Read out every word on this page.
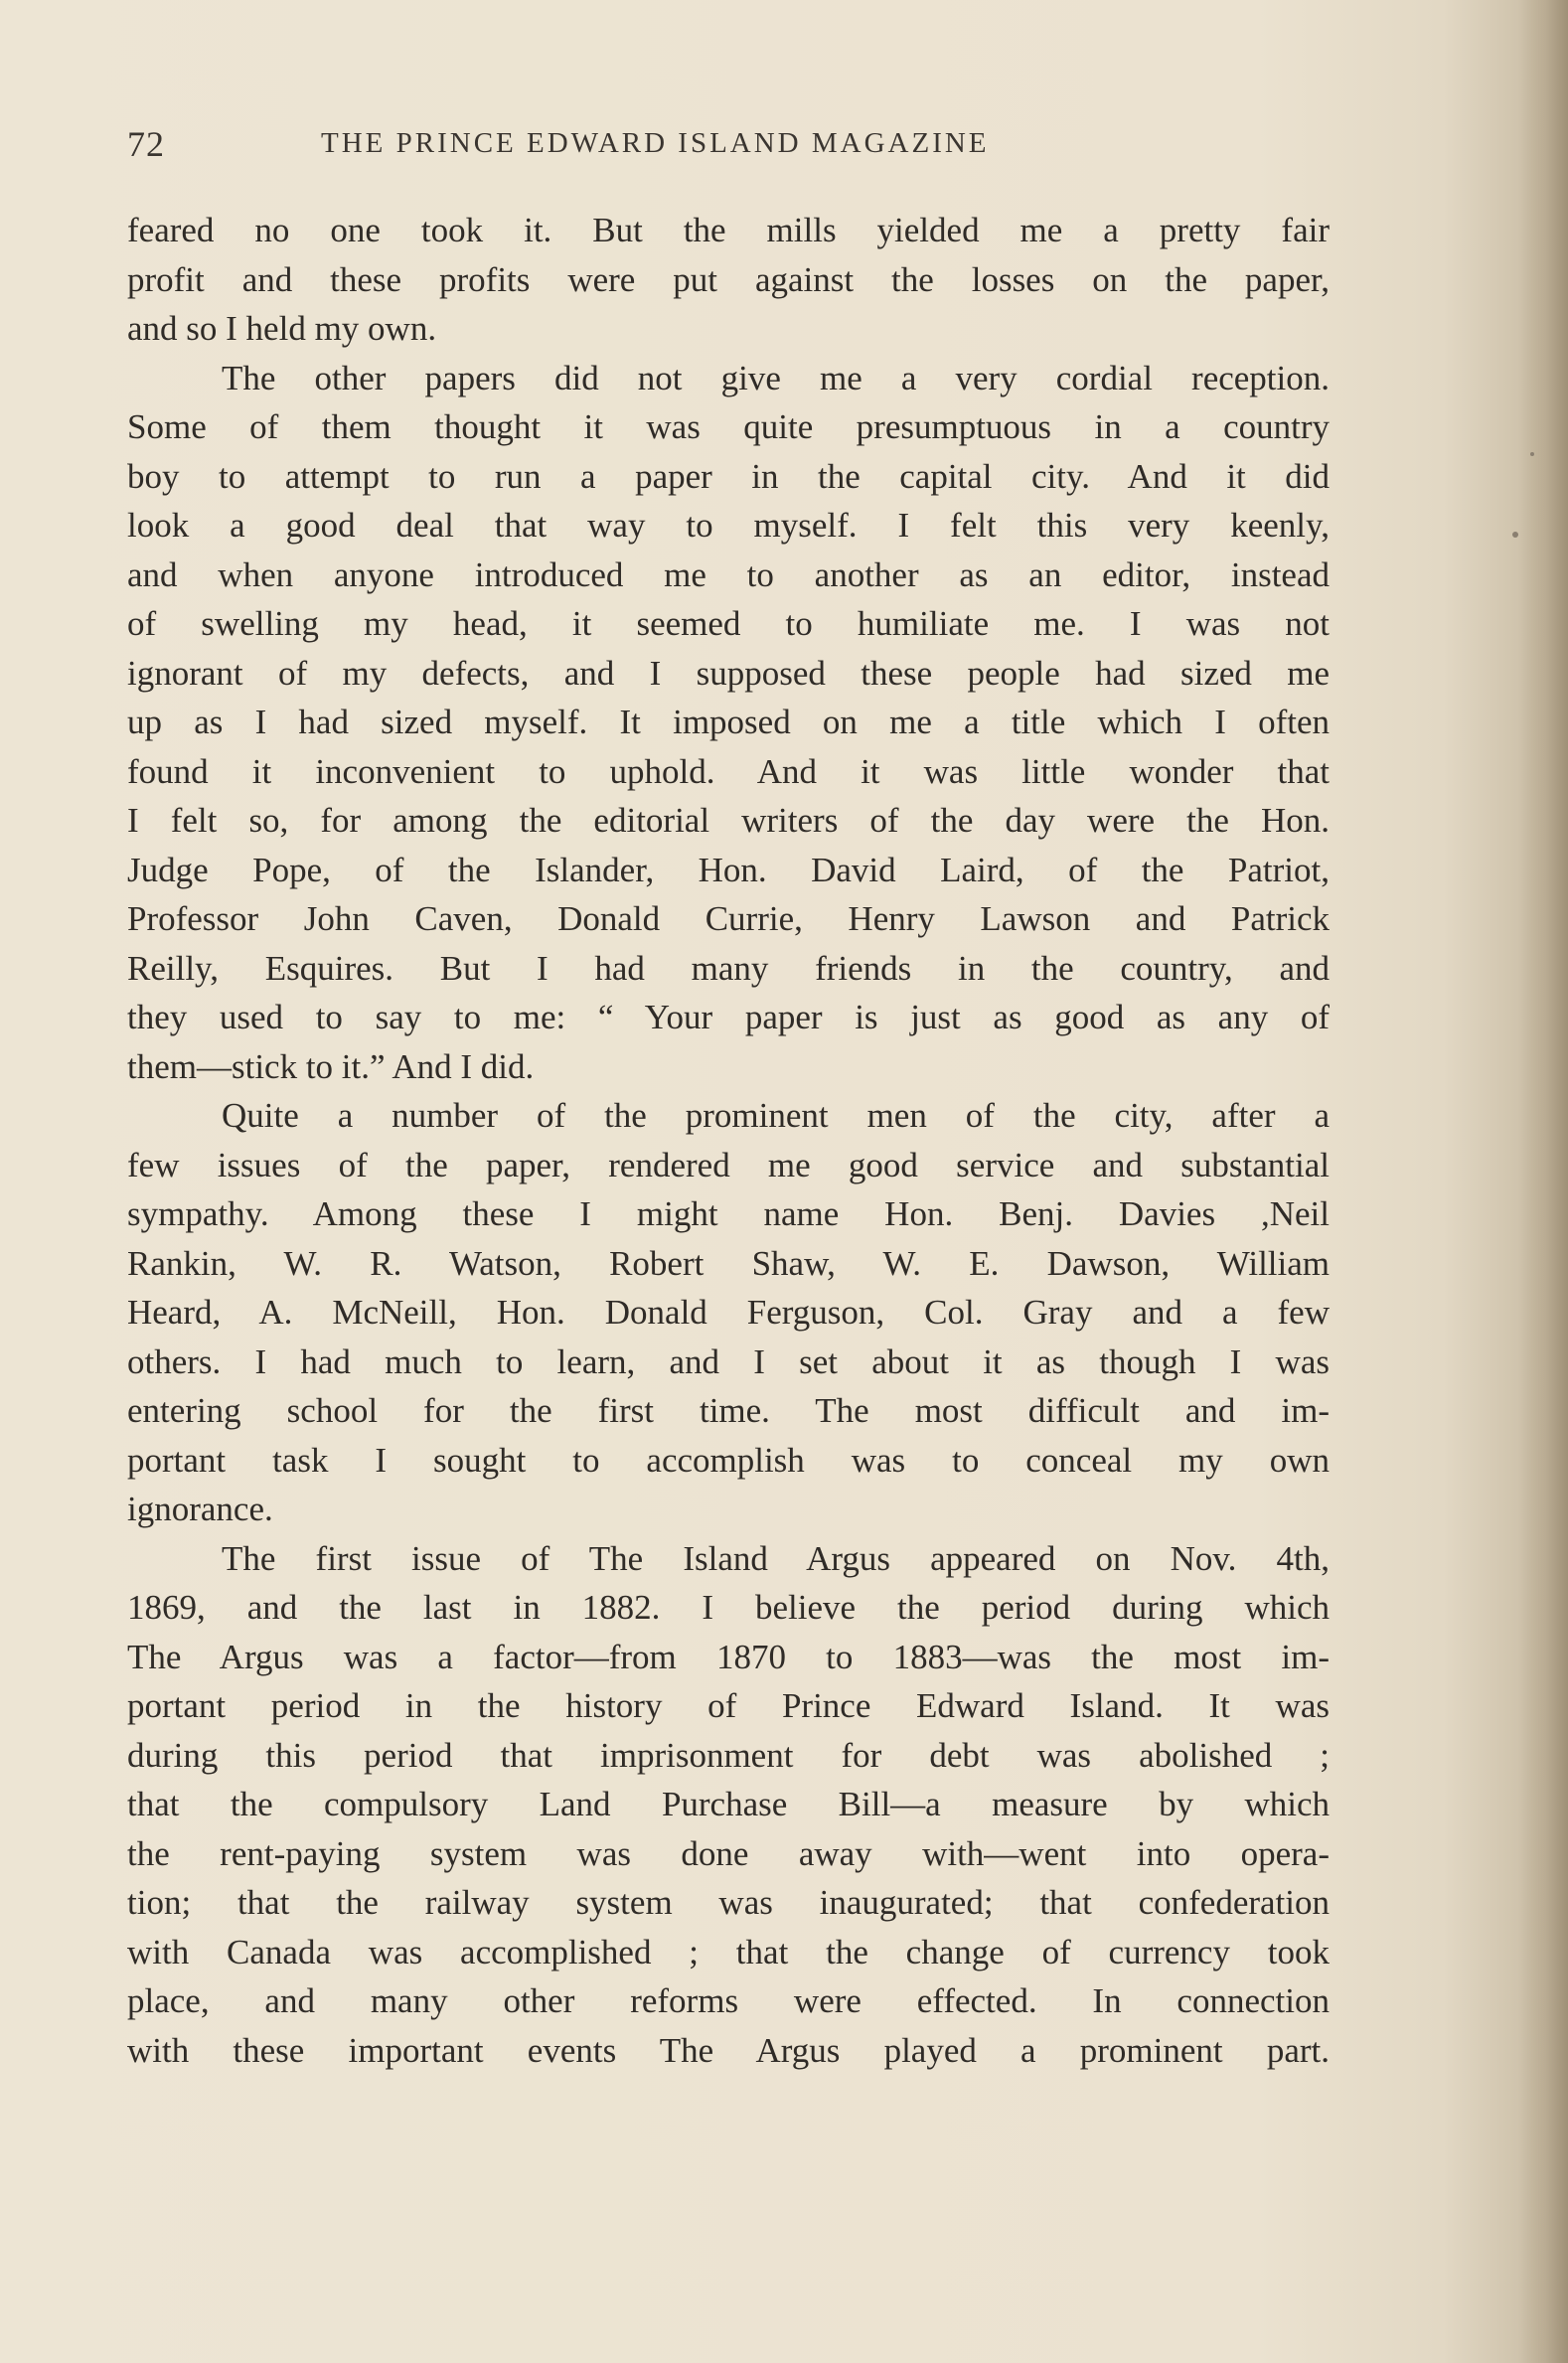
72	THE PRINCE EDWARD ISLAND MAGAZINE
feared no one took it. But the mills yielded me a pretty fair
profit and these profits were put against the losses on the paper,
and so I held my own.
The other papers did not give me a very cordial reception.
Some of them thought it was quite presumptuous in a country
boy to attempt to run a paper in the capital city. And it did
look a good deal that way to myself. I felt this very keenly,
and when anyone introduced me to another as an editor, instead
of swelling my head, it seemed to humiliate me. I was not
ignorant of my defects, and I supposed these people had sized me
up as I had sized myself. It imposed on me a title which I often
found it inconvenient to uphold. And it was little wonder that
I felt so, for among the editorial writers of the day were the Hon.
Judge Pope, of the Islander, Hon. David Laird, of the Patriot,
Professor John Caven, Donald Currie, Henry Lawson and Patrick
Reilly, Esquires. But I had many friends in the country, and
they used to say to me: “ Your paper is just as good as any of
them—stick to it.” And I did.
Quite a number of the prominent men of the city, after a
few issues of the paper, rendered me good service and substantial
sympathy. Among these I might name Hon. Benj. Davies ,Neil
Rankin, W. R. Watson, Robert Shaw, W. E. Dawson, William
Heard, A. McNeill, Hon. Donald Ferguson, Col. Gray and a few
others. I had much to learn, and I set about it as though I was
entering school for the first time. The most difficult and im-
portant task I sought to accomplish was to conceal my own
ignorance.
The first issue of The Island Argus appeared on Nov. 4th,
1869, and the last in 1882. I believe the period during which
The Argus was a factor—from 1870 to 1883—was the most im-
portant period in the history of Prince Edward Island. It was
during this period that imprisonment for debt was abolished ;
that the compulsory Land Purchase Bill—a measure by which
the rent-paying system was done away with—went into opera-
tion; that the railway system was inaugurated; that confederation
with Canada was accomplished ; that the change of currency took
place, and many other reforms were effected. In connection
with these important events The Argus played a prominent part.
